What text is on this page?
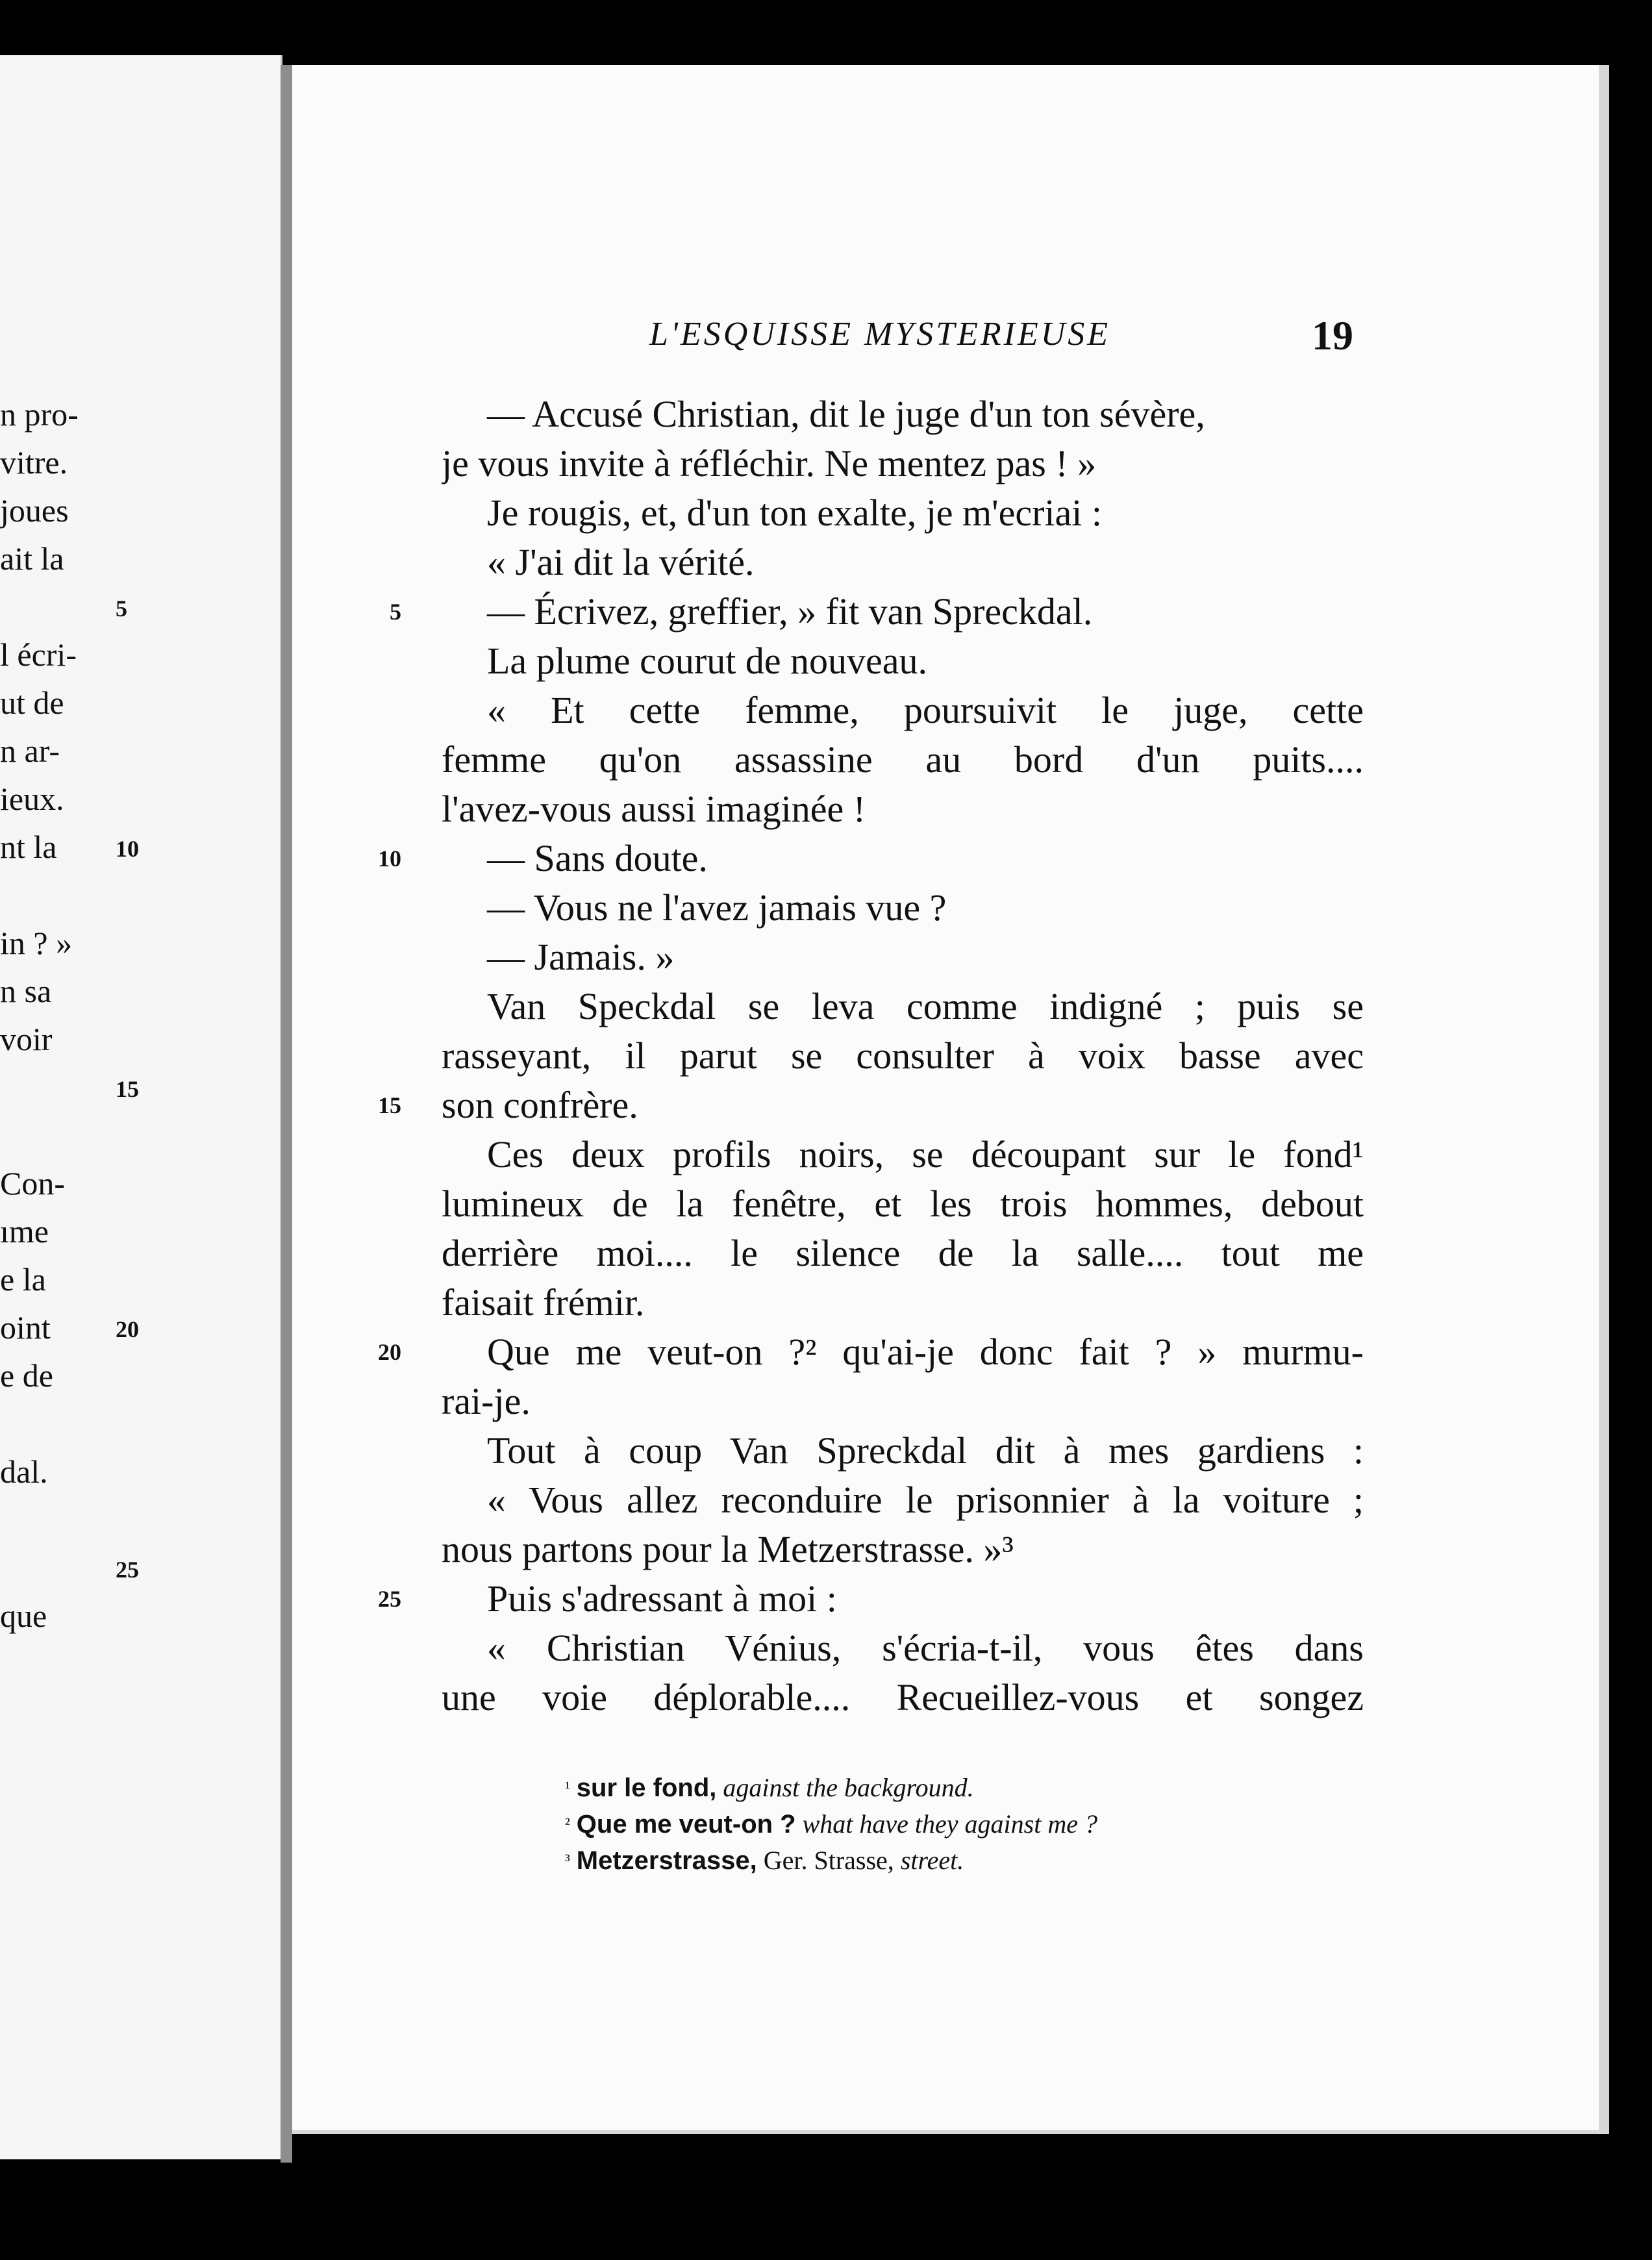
n pro-
vitre.
joues
ait la
5
l écri-
ut de
n ar-
ieux.
nt la	10
in ? »
n sa
voir
15
Con-
ıme
e la
oint	20
e de
dal.
25
que
L'ESQUISSE MYSTERIEUSE	19
— Accusé Christian, dit le juge d'un ton sévère,
je vous invite à réfléchir. Ne mentez pas ! »
Je rougis, et, d'un ton exalte, je m'ecriai :
« J'ai dit la vérité.
— Écrivez, greffier, » fit van Spreckdal.
La plume courut de nouveau.
« Et cette femme, poursuivit le juge, cette
femme qu'on assassine au bord d'un puits....
l'avez-vous aussi imaginée !
— Sans doute.
— Vous ne l'avez jamais vue ?
— Jamais. »
Van Speckdal se leva comme indigné ; puis se
rasseyant, il parut se consulter à voix basse avec
son confrère.
Ces deux profils noirs, se découpant sur le fond¹
lumineux de la fenêtre, et les trois hommes, debout
derrière moi.... le silence de la salle.... tout me
faisait frémir.
Que me veut-on ?² qu'ai-je donc fait ? » murmu-
rai-je.
Tout à coup Van Spreckdal dit à mes gardiens :
« Vous allez reconduire le prisonnier à la voiture ;
nous partons pour la Metzerstrasse. »³
Puis s'adressant à moi :
« Christian Vénius, s'écria-t-il, vous êtes dans
une voie déplorable.... Recueillez-vous et songez
$^{^1}$ sur le fond, against the background.
$^{^2}$ Que me veut-on ? what have they against me ?
$^{^3}$ Metzerstrasse, Ger. Strasse, street.
5
10
15
20
25
